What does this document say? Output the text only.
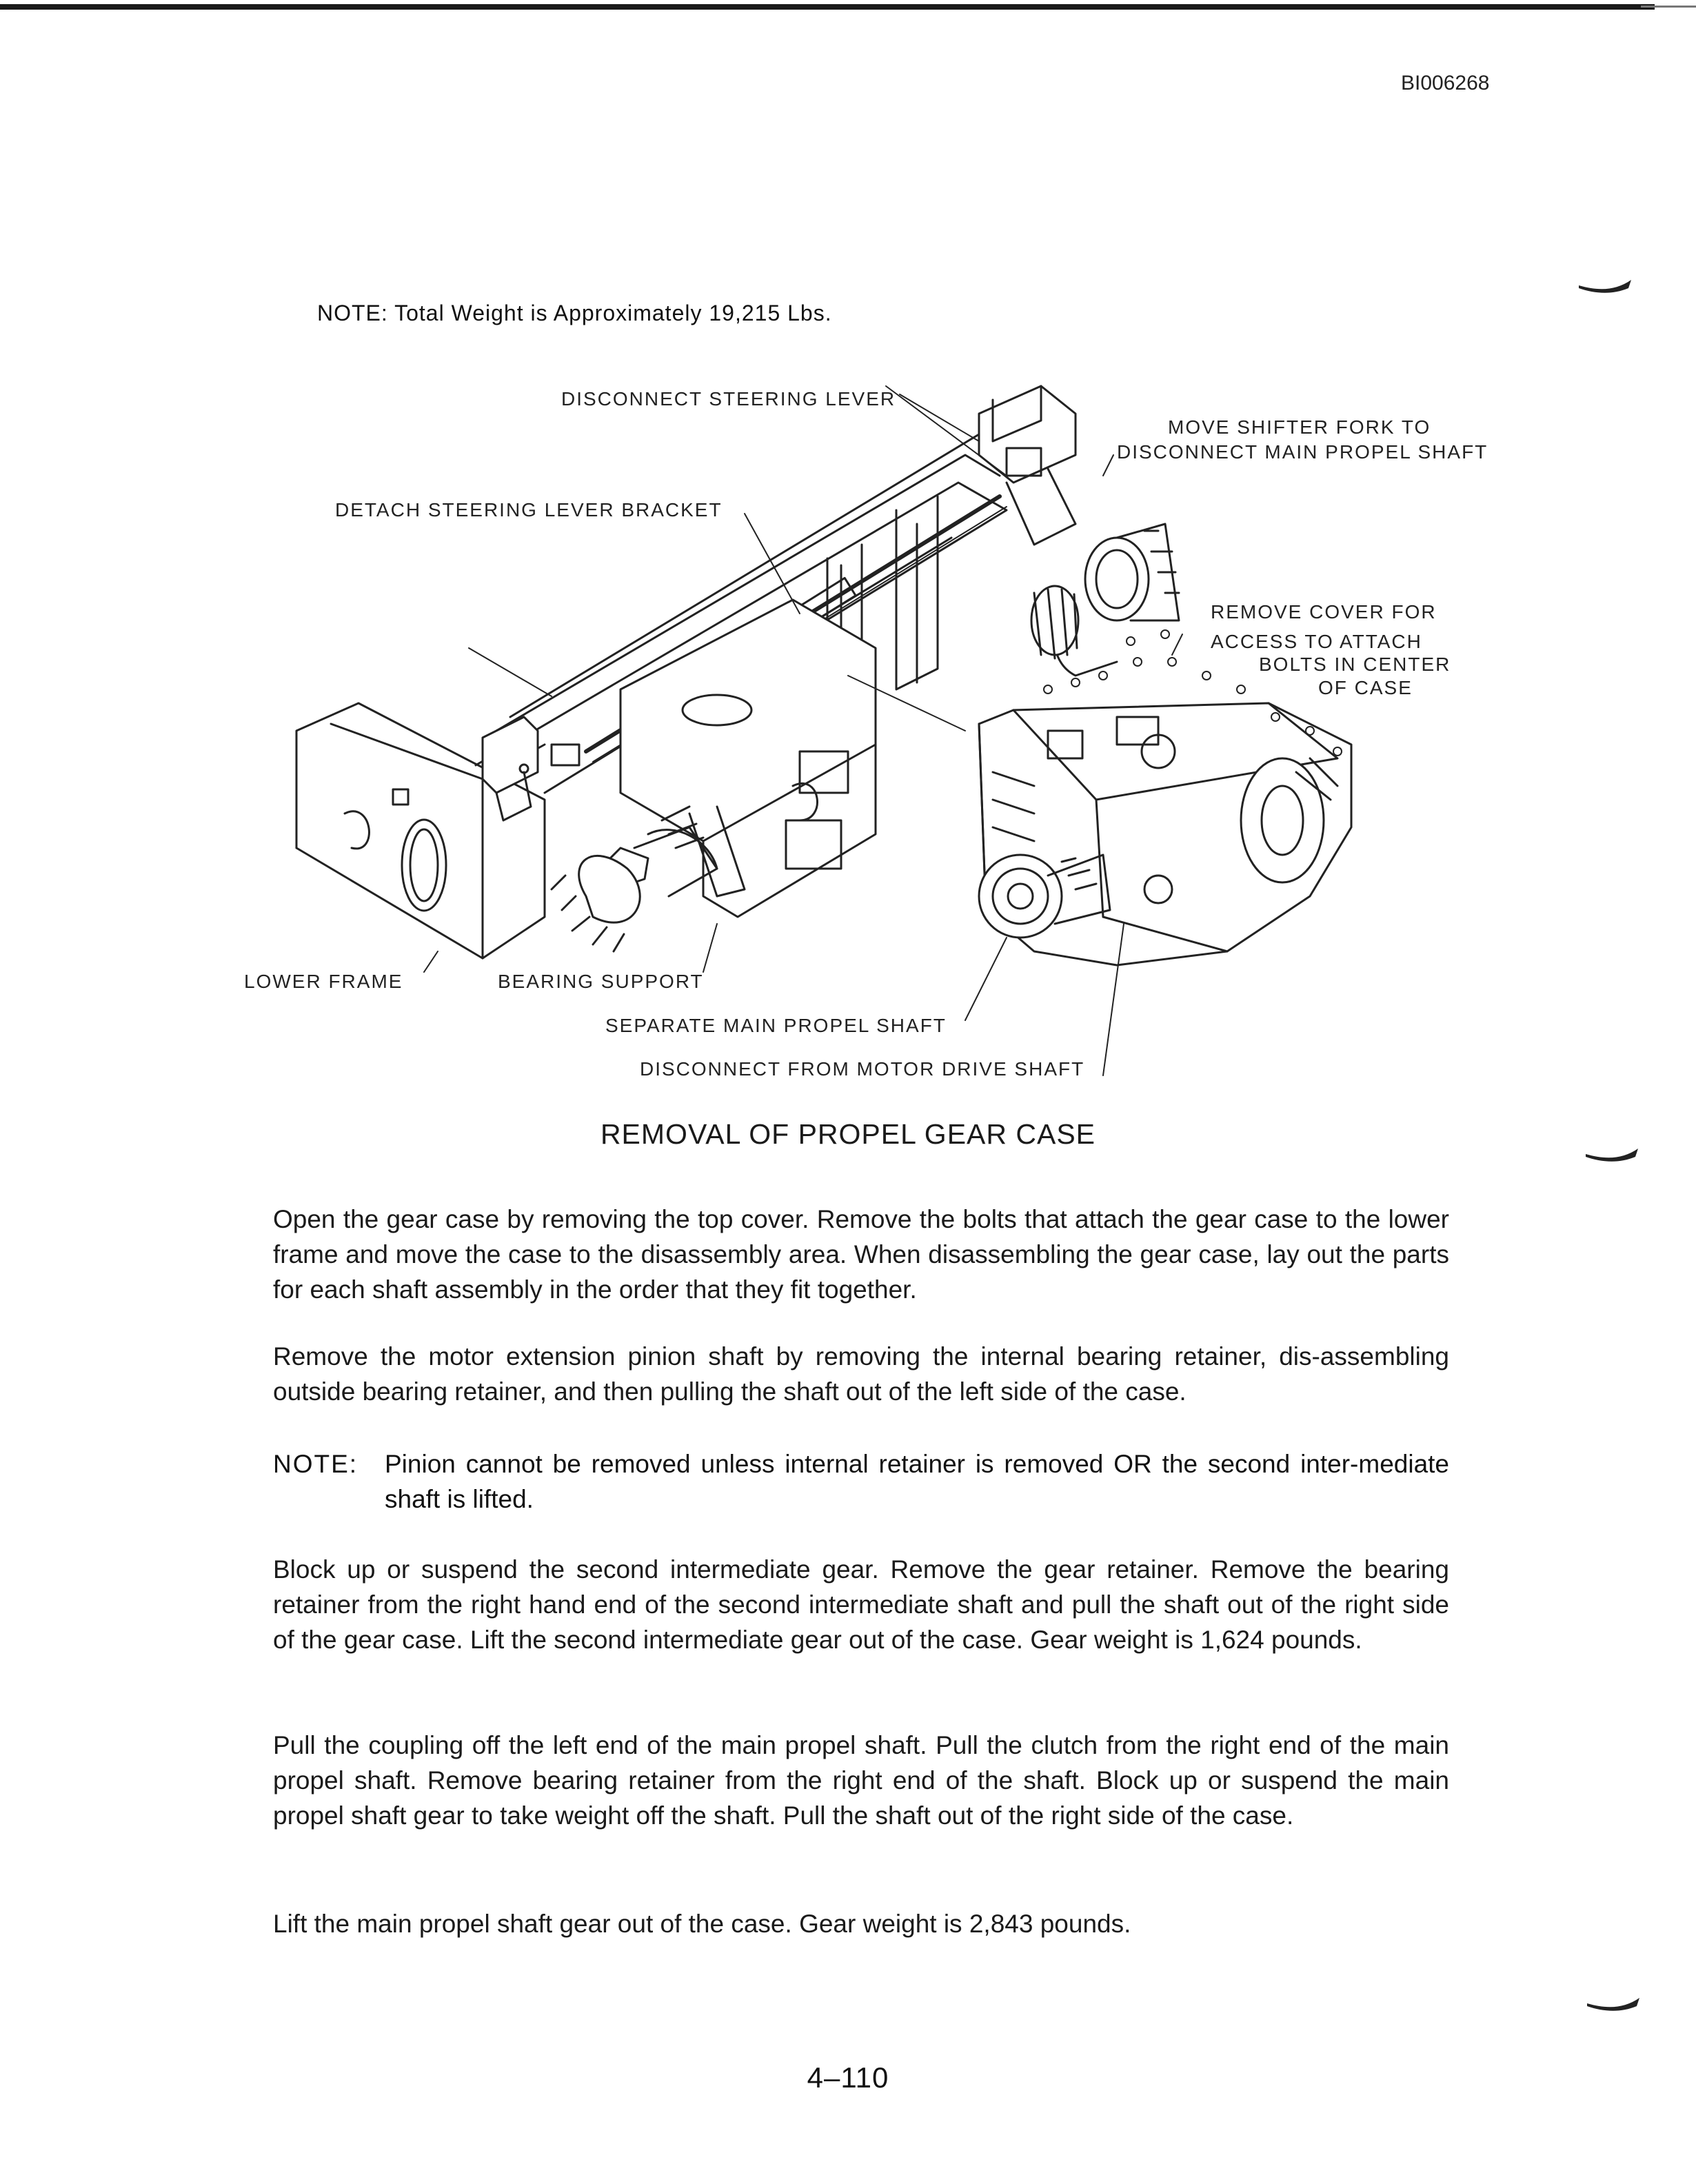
BI006268
NOTE: Total Weight is Approximately 19,215 Lbs.
DISCONNECT STEERING LEVER
MOVE SHIFTER FORK TO
DISCONNECT MAIN PROPEL SHAFT
DETACH STEERING LEVER BRACKET
REMOVE COVER FOR
ACCESS TO ATTACH
BOLTS IN CENTER
OF CASE
LOWER FRAME	BEARING SUPPORT
SEPARATE MAIN PROPEL SHAFT
DISCONNECT FROM MOTOR DRIVE SHAFT
REMOVAL OF PROPEL GEAR CASE
Open the gear case by removing the top cover. Remove the bolts that attach the gear case to the lower frame and move the case to the disassembly area. When disassembling the gear case, lay out the parts for each shaft assembly in the order that they fit together.
Remove the motor extension pinion shaft by removing the internal bearing retainer, dis-assembling outside bearing retainer, and then pulling the shaft out of the left side of the case.
NOTE: Pinion cannot be removed unless internal retainer is removed OR the second inter-mediate shaft is lifted.
Block up or suspend the second intermediate gear. Remove the gear retainer. Remove the bearing retainer from the right hand end of the second intermediate shaft and pull the shaft out of the right side of the gear case. Lift the second intermediate gear out of the case. Gear weight is 1,624 pounds.
Pull the coupling off the left end of the main propel shaft. Pull the clutch from the right end of the main propel shaft. Remove bearing retainer from the right end of the shaft. Block up or suspend the main propel shaft gear to take weight off the shaft. Pull the shaft out of the right side of the case.
Lift the main propel shaft gear out of the case. Gear weight is 2,843 pounds.
4–110
